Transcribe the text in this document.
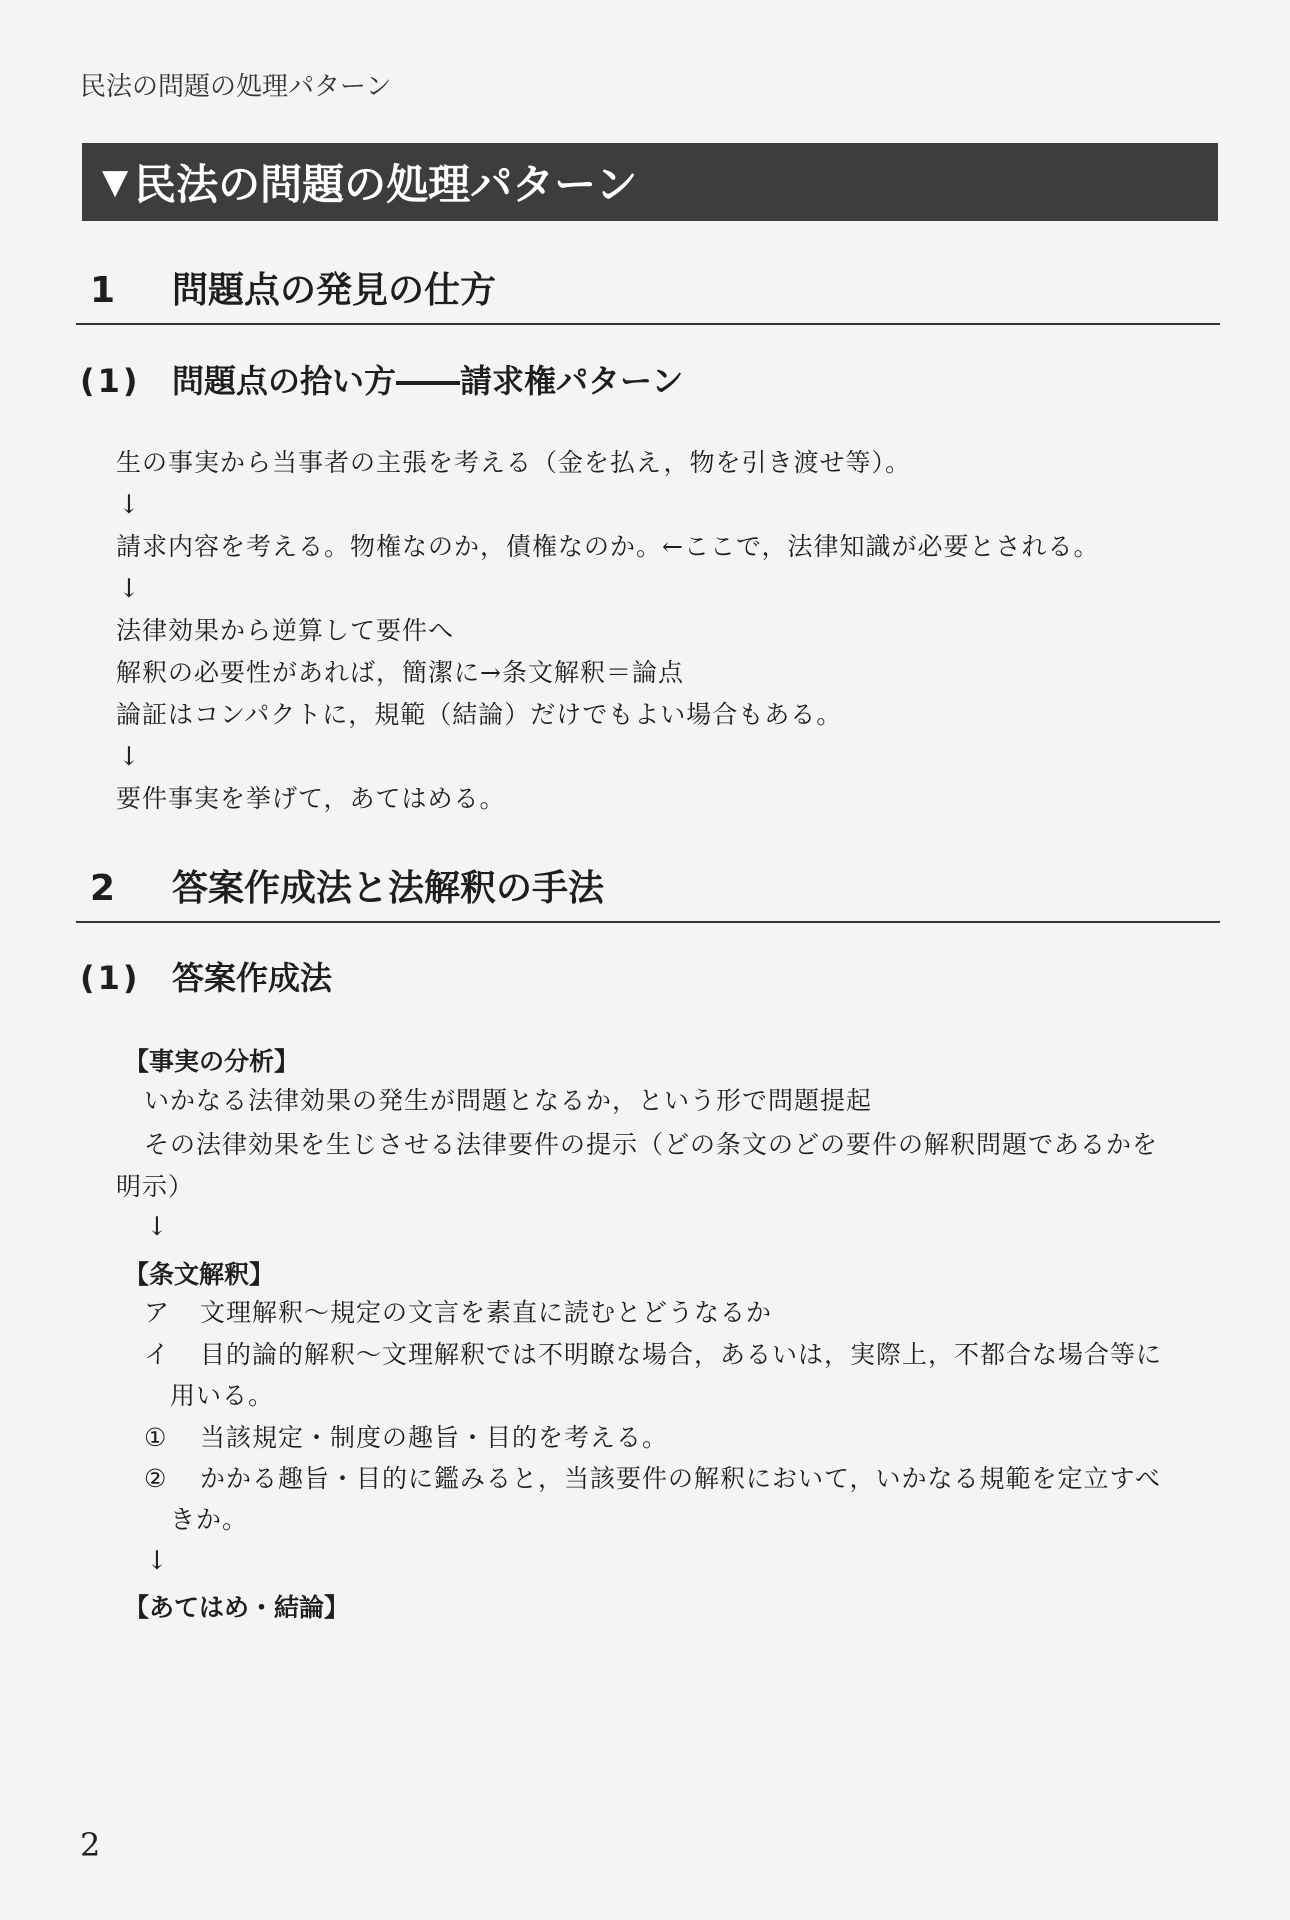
民法の問題の処理パターン
▼ 民法の問題の処理パターン
1	問題点の発見の仕方
(1) 問題点の拾い方――請求権パターン
生の事実から当事者の主張を考える（金を払え，物を引き渡せ等）。
↓
請求内容を考える。物権なのか，債権なのか。←ここで，法律知識が必要とされる。
↓
法律効果から逆算して要件へ
解釈の必要性があれば，簡潔に→条文解釈＝論点
論証はコンパクトに，規範（結論）だけでもよい場合もある。
↓
要件事実を挙げて，あてはめる。
2	答案作成法と法解釈の手法
(1) 答案作成法
【事実の分析】
いかなる法律効果の発生が問題となるか，という形で問題提起
その法律効果を生じさせる法律要件の提示（どの条文のどの要件の解釈問題であるかを
明示）
↓
【条文解釈】
ア 文理解釈～規定の文言を素直に読むとどうなるか
イ 目的論的解釈～文理解釈では不明瞭な場合，あるいは，実際上，不都合な場合等に
用いる。
① 当該規定・制度の趣旨・目的を考える。
② かかる趣旨・目的に鑑みると，当該要件の解釈において，いかなる規範を定立すべ
きか。
↓
【あてはめ・結論】
2
